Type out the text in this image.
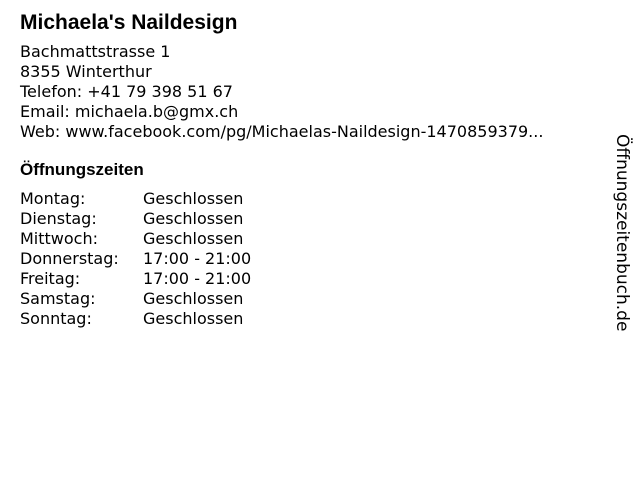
Michaela's Naildesign
Bachmattstrasse 1
8355 Winterthur
Telefon: +41 79 398 51 67
Email: michaela.b@gmx.ch
Web: www.facebook.com/pg/Michaelas-Naildesign-1470859379...
Öffnungszeiten
Montag:	Geschlossen
Dienstag:	Geschlossen
Mittwoch:	Geschlossen
Donnerstag:	17:00 - 21:00
Freitag:	17:00 - 21:00
Samstag:	Geschlossen
Sonntag:	Geschlossen	Öffnungszeitenbuch.de
